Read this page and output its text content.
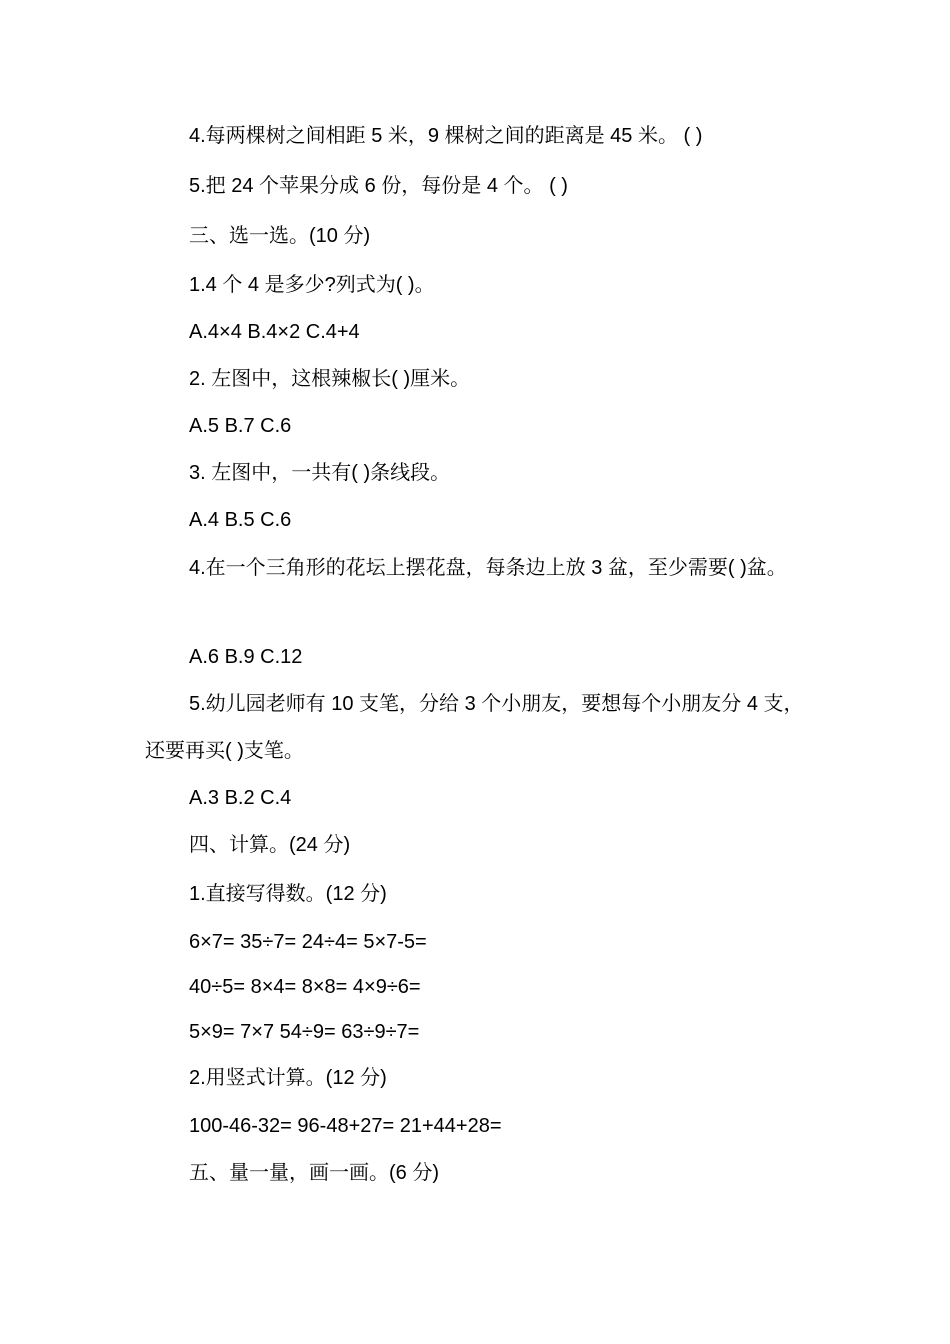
4.每两棵树之间相距 5 米，9 棵树之间的距离是 45 米。 ( )
5.把 24 个苹果分成 6 份，每份是 4 个。 ( )
三、选一选。(10 分)
1.4 个 4 是多少?列式为( )。
A.4×4 B.4×2 C.4+4
2. 左图中，这根辣椒长( )厘米。
A.5 B.7 C.6
3. 左图中，一共有( )条线段。
A.4 B.5 C.6
4.在一个三角形的花坛上摆花盘，每条边上放 3 盆，至少需要( )盆。
A.6 B.9 C.12
5.幼儿园老师有 10 支笔，分给 3 个小朋友，要想每个小朋友分 4 支，还要再买( )支笔。
A.3 B.2 C.4
四、计算。(24 分)
1.直接写得数。(12 分)
6×7= 35÷7= 24÷4= 5×7-5=
40÷5= 8×4= 8×8= 4×9÷6=
5×9= 7×7 54÷9= 63÷9÷7=
2.用竖式计算。(12 分)
100-46-32= 96-48+27= 21+44+28=
五、量一量，画一画。(6 分)
